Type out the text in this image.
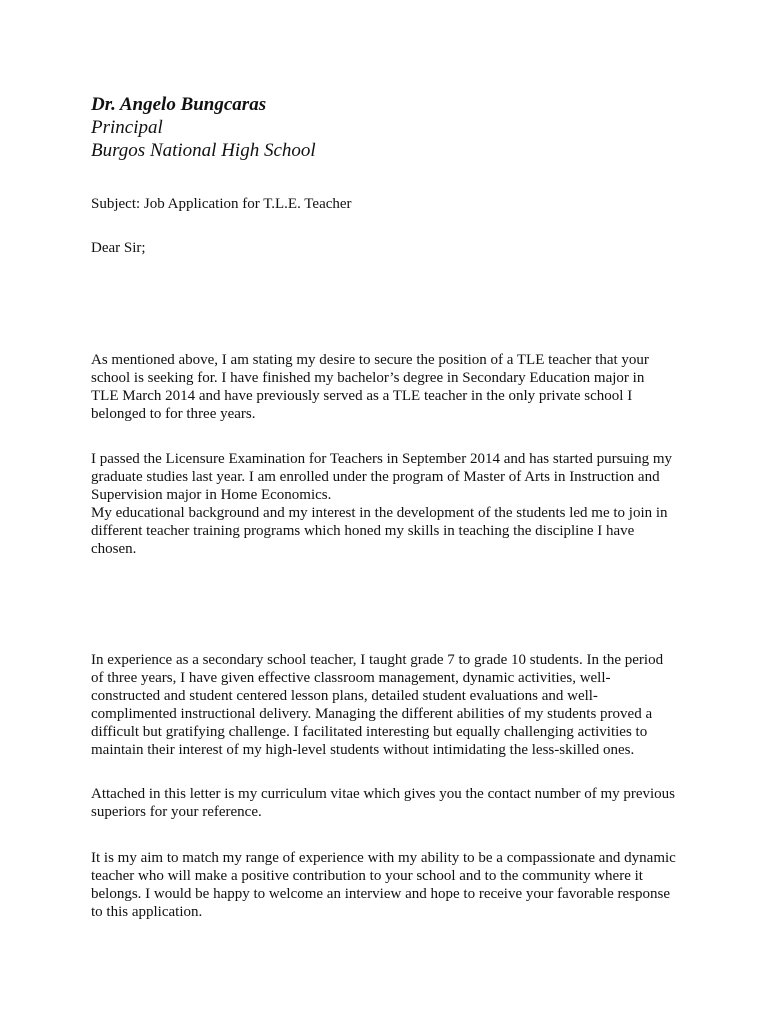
Dr. Angelo Bungcaras
Principal
Burgos National High School
Subject: Job Application for T.L.E. Teacher
Dear Sir;
As mentioned above, I am stating my desire to secure the position of a TLE teacher that your
school is seeking for. I have finished my bachelor’s degree in Secondary Education major in
TLE March 2014 and have previously served as a TLE teacher in the only private school I
belonged to for three years.
I passed the Licensure Examination for Teachers in September 2014 and has started pursuing my
graduate studies last year. I am enrolled under the program of Master of Arts in Instruction and
Supervision major in Home Economics.
My educational background and my interest in the development of the students led me to join in
different teacher training programs which honed my skills in teaching the discipline I have
chosen.
In experience as a secondary school teacher, I taught grade 7 to grade 10 students. In the period
of three years, I have given effective classroom management, dynamic activities, well-
constructed and student centered lesson plans, detailed student evaluations and well-
complimented instructional delivery. Managing the different abilities of my students proved a
difficult but gratifying challenge. I facilitated interesting but equally challenging activities to
maintain their interest of my high-level students without intimidating the less-skilled ones.
Attached in this letter is my curriculum vitae which gives you the contact number of my previous
superiors for your reference.
It is my aim to match my range of experience with my ability to be a compassionate and dynamic
teacher who will make a positive contribution to your school and to the community where it
belongs. I would be happy to welcome an interview and hope to receive your favorable response
to this application.
